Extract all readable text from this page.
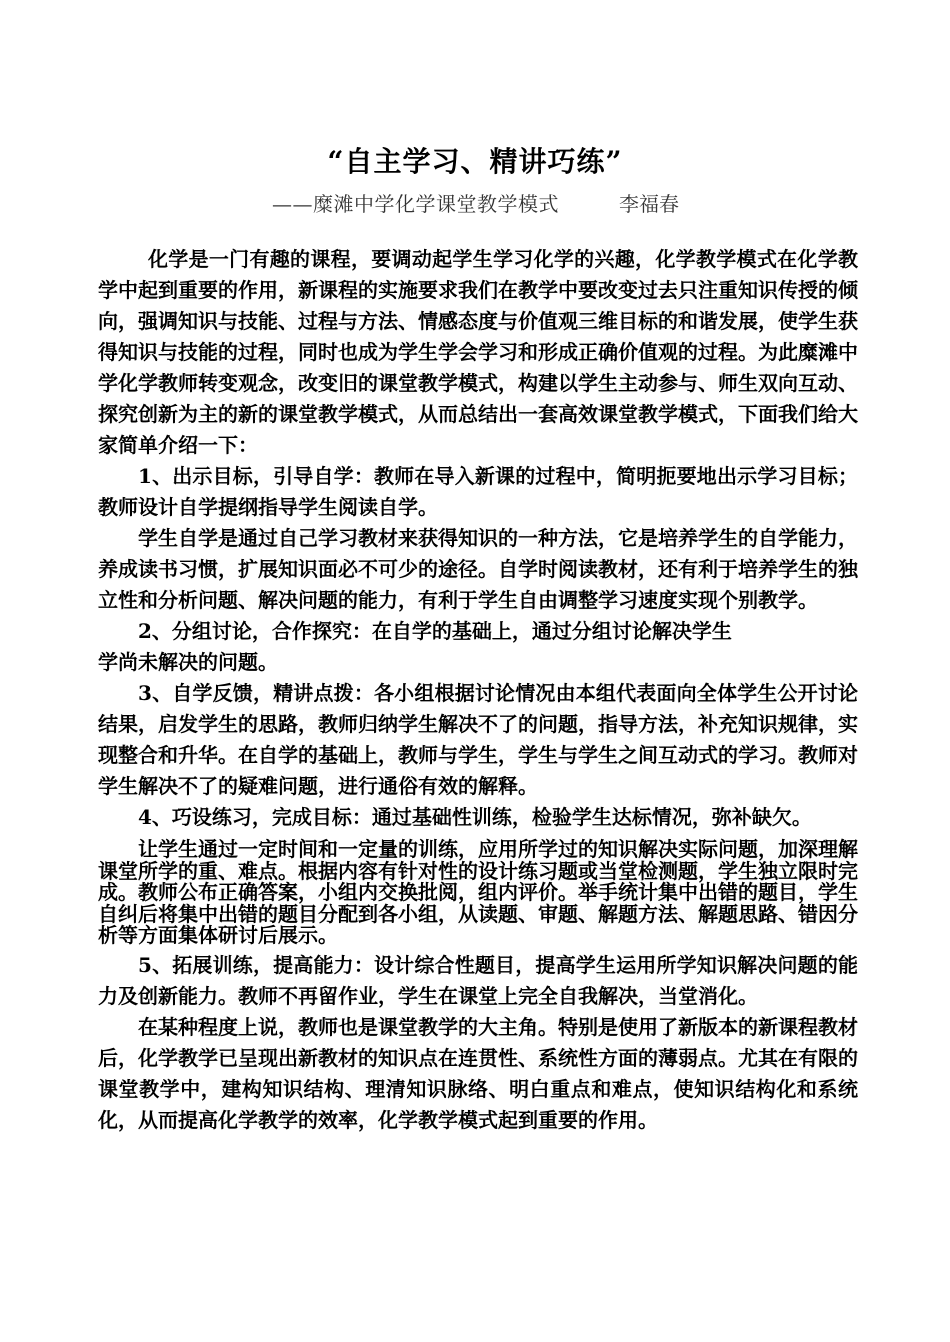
“自主学习、精讲巧练”
——糜滩中学化学课堂教学模式	李福春

化学是一门有趣的课程，要调动起学生学习化学的兴趣，化学教学模式在化学教学中起到重要的作用，新课程的实施要求我们在教学中要改变过去只注重知识传授的倾向，强调知识与技能、过程与方法、情感态度与价值观三维目标的和谐发展，使学生获得知识与技能的过程，同时也成为学生学会学习和形成正确价值观的过程。为此糜滩中学化学教师转变观念，改变旧的课堂教学模式，构建以学生主动参与、师生双向互动、探究创新为主的新的课堂教学模式，从而总结出一套高效课堂教学模式，下面我们给大家简单介绍一下：

1、出示目标，引导自学：教师在导入新课的过程中，简明扼要地出示学习目标；教师设计自学提纲指导学生阅读自学。

学生自学是通过自己学习教材来获得知识的一种方法，它是培养学生的自学能力，养成读书习惯，扩展知识面必不可少的途径。自学时阅读教材，还有利于培养学生的独立性和分析问题、解决问题的能力，有利于学生自由调整学习速度实现个别教学。

2、分组讨论，合作探究：在自学的基础上，通过分组讨论解决学生

学尚未解决的问题。

3、自学反馈，精讲点拨：各小组根据讨论情况由本组代表面向全体学生公开讨论结果，启发学生的思路，教师归纳学生解决不了的问题，指导方法，补充知识规律，实现整合和升华。在自学的基础上，教师与学生，学生与学生之间互动式的学习。教师对学生解决不了的疑难问题，进行通俗有效的解释。

4、巧设练习，完成目标：通过基础性训练，检验学生达标情况，弥补缺欠。

让学生通过一定时间和一定量的训练，应用所学过的知识解决实际问题，加深理解课堂所学的重、难点。根据内容有针对性的设计练习题或当堂检测题，学生独立限时完成。教师公布正确答案，小组内交换批阅，组内评价。举手统计集中出错的题目，学生自纠后将集中出错的题目分配到各小组，从读题、审题、解题方法、解题思路、错因分析等方面集体研讨后展示。

5、拓展训练，提高能力：设计综合性题目，提高学生运用所学知识解决问题的能力及创新能力。教师不再留作业，学生在课堂上完全自我解决，当堂消化。

在某种程度上说，教师也是课堂教学的大主角。特别是使用了新版本的新课程教材后，化学教学已呈现出新教材的知识点在连贯性、系统性方面的薄弱点。尤其在有限的课堂教学中，建构知识结构、理清知识脉络、明白重点和难点，使知识结构化和系统化，从而提高化学教学的效率，化学教学模式起到重要的作用。
